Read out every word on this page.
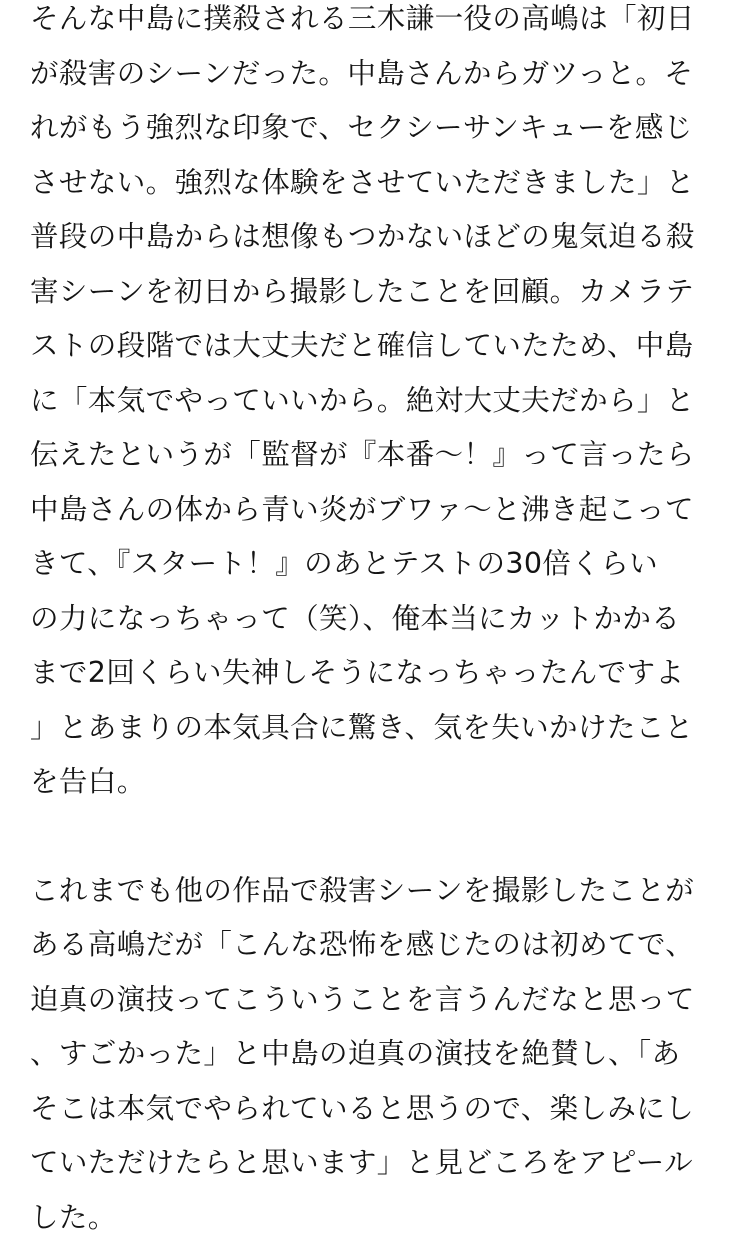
そんな中島に撲殺される三木謙一役の高嶋は「初日
が殺害のシーンだった。中島さんからガツっと。そ
れがもう強烈な印象で、セクシーサンキューを感じ
させない。強烈な体験をさせていただきました」と
普段の中島からは想像もつかないほどの鬼気迫る殺
害シーンを初日から撮影したことを回顧。カメラテ
ストの段階では大丈夫だと確信していたため、中島
に「本気でやっていいから。絶対大丈夫だから」と
伝えたというが「監督が『本番〜！』って言ったら
中島さんの体から青い炎がブワァ〜と沸き起こって
きて、『スタート！』のあとテストの30倍くらい
の力になっちゃって（笑）、俺本当にカットかかる
まで2回くらい失神しそうになっちゃったんですよ
」とあまりの本気具合に驚き、気を失いかけたこと
を告白。
これまでも他の作品で殺害シーンを撮影したことが
ある高嶋だが「こんな恐怖を感じたのは初めてで、
迫真の演技ってこういうことを言うんだなと思って
、すごかった」と中島の迫真の演技を絶賛し、「あ
そこは本気でやられていると思うので、楽しみにし
ていただけたらと思います」と見どころをアピール
した。
